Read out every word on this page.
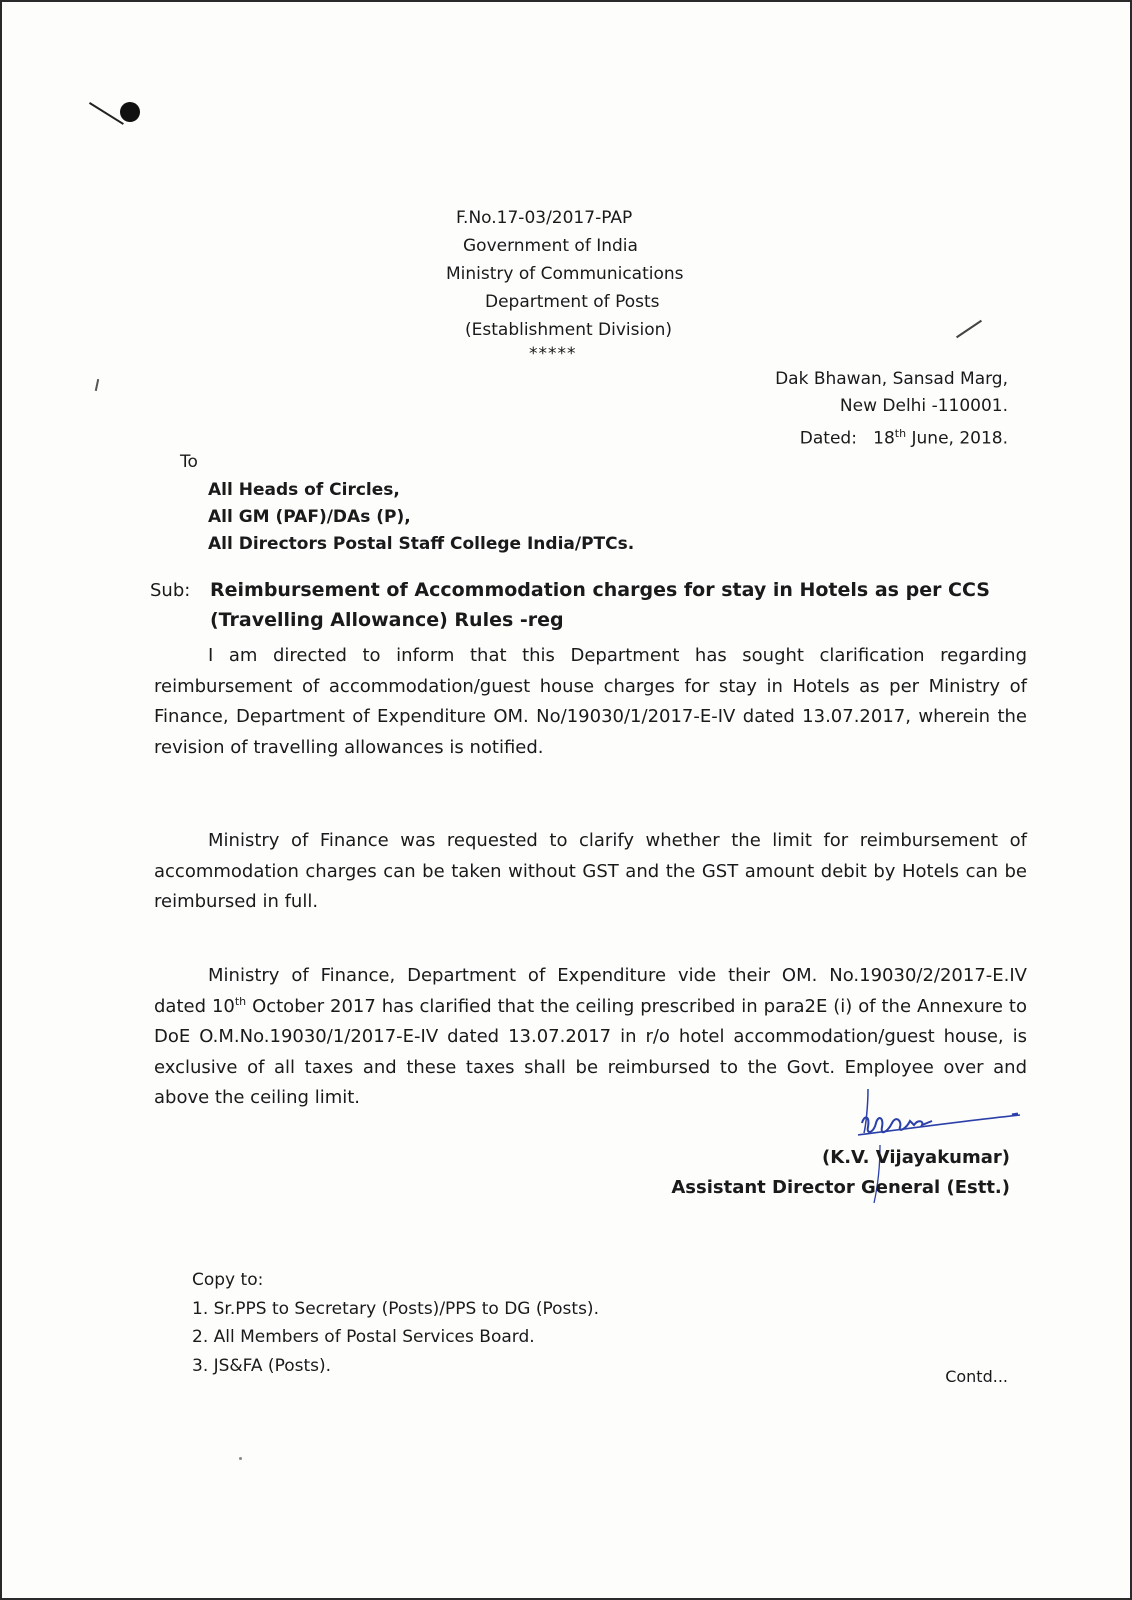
F.No.17-03/2017-PAP
Government of India
Ministry of Communications
Department of Posts
(Establishment Division)
*****
Dak Bhawan, Sansad Marg,
New Delhi -110001.
Dated: 18th June, 2018.
To
All Heads of Circles,
All GM (PAF)/DAs (P),
All Directors Postal Staff College India/PTCs.
Sub: Reimbursement of Accommodation charges for stay in Hotels as per CCS (Travelling Allowance) Rules -reg
I am directed to inform that this Department has sought clarification regarding reimbursement of accommodation/guest house charges for stay in Hotels as per Ministry of Finance, Department of Expenditure OM. No/19030/1/2017-E-IV dated 13.07.2017, wherein the revision of travelling allowances is notified.
Ministry of Finance was requested to clarify whether the limit for reimbursement of accommodation charges can be taken without GST and the GST amount debit by Hotels can be reimbursed in full.
Ministry of Finance, Department of Expenditure vide their OM. No.19030/2/2017-E.IV dated 10th October 2017 has clarified that the ceiling prescribed in para2E (i) of the Annexure to DoE O.M.No.19030/1/2017-E-IV dated 13.07.2017 in r/o hotel accommodation/guest house, is exclusive of all taxes and these taxes shall be reimbursed to the Govt. Employee over and above the ceiling limit.
(K.V. Vijayakumar)
Assistant Director General (Estt.)
Copy to:
1. Sr.PPS to Secretary (Posts)/PPS to DG (Posts).
2. All Members of Postal Services Board.
3. JS&FA (Posts).
Contd...
